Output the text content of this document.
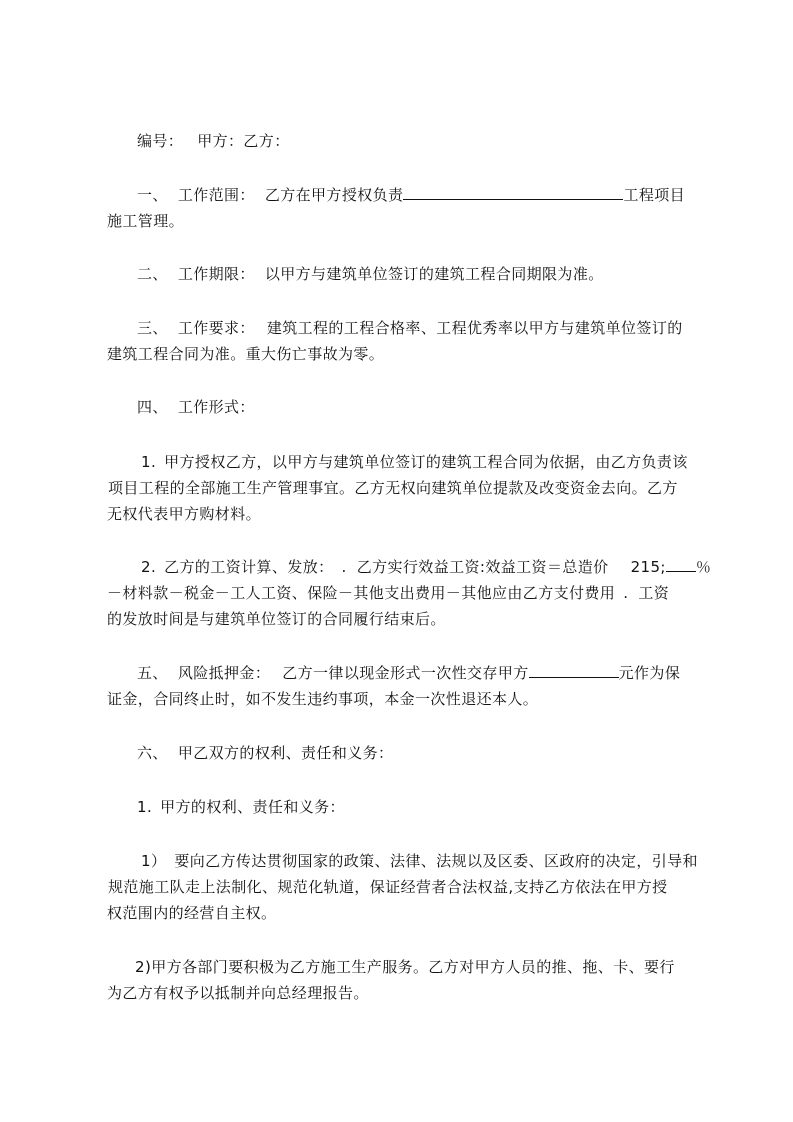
编号： 甲方：乙方：

一、 工作范围： 乙方在甲方授权负责	工程项目

施工管理。

二、 工作期限： 以甲方与建筑单位签订的建筑工程合同期限为准。

三、 工作要求： 建筑工程的工程合格率、工程优秀率以甲方与建筑单位签订的

建筑工程合同为准。重大伤亡事故为零。

四、 工作形式：

1. 甲方授权乙方，以甲方与建筑单位签订的建筑工程合同为依据，由乙方负责该

项目工程的全部施工生产管理事宜。乙方无权向建筑单位提款及改变资金去向。乙方

无权代表甲方购材料。

2. 乙方的工资计算、发放： . 乙方实行效益工资:效益工资＝总造价 215; ％

－材料款－税金－工人工资、保险－其他支出费用－其他应由乙方支付费用 . 工资

的发放时间是与建筑单位签订的合同履行结束后。

五、 风险抵押金： 乙方一律以现金形式一次性交存甲方	元作为保

证金，合同终止时，如不发生违约事项，本金一次性退还本人。

六、 甲乙双方的权利、责任和义务：

1. 甲方的权利、责任和义务：

1） 要向乙方传达贯彻国家的政策、法律、法规以及区委、区政府的决定，引导和

规范施工队走上法制化、规范化轨道，保证经营者合法权益,支持乙方依法在甲方授

权范围内的经营自主权。

2)甲方各部门要积极为乙方施工生产服务。乙方对甲方人员的推、拖、卡、要行

为乙方有权予以抵制并向总经理报告。
